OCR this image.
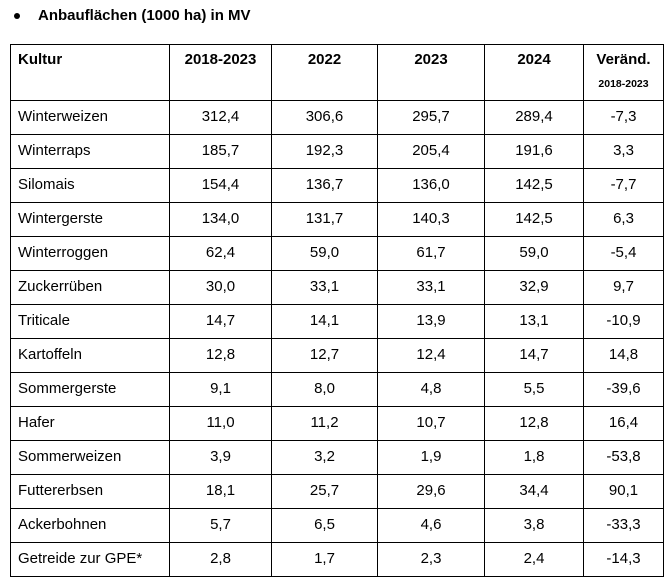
Anbauflächen (1000 ha) in MV
Kultur	2018-2023	2022	2023	2024	Veränd.
2018-2023

Winterweizen	312,4	306,6	295,7	289,4	-7,3
Winterraps	185,7	192,3	205,4	191,6	3,3
Silomais	154,4	136,7	136,0	142,5	-7,7
Wintergerste	134,0	131,7	140,3	142,5	6,3
Winterroggen	62,4	59,0	61,7	59,0	-5,4
Zuckerrüben	30,0	33,1	33,1	32,9	9,7
Triticale	14,7	14,1	13,9	13,1	-10,9
Kartoffeln	12,8	12,7	12,4	14,7	14,8
Sommergerste	9,1	8,0	4,8	5,5	-39,6
Hafer	11,0	11,2	10,7	12,8	16,4
Sommerweizen	3,9	3,2	1,9	1,8	-53,8
Futtererbsen	18,1	25,7	29,6	34,4	90,1
Ackerbohnen	5,7	6,5	4,6	3,8	-33,3
Getreide zur GPE*	2,8	1,7	2,3	2,4	-14,3
